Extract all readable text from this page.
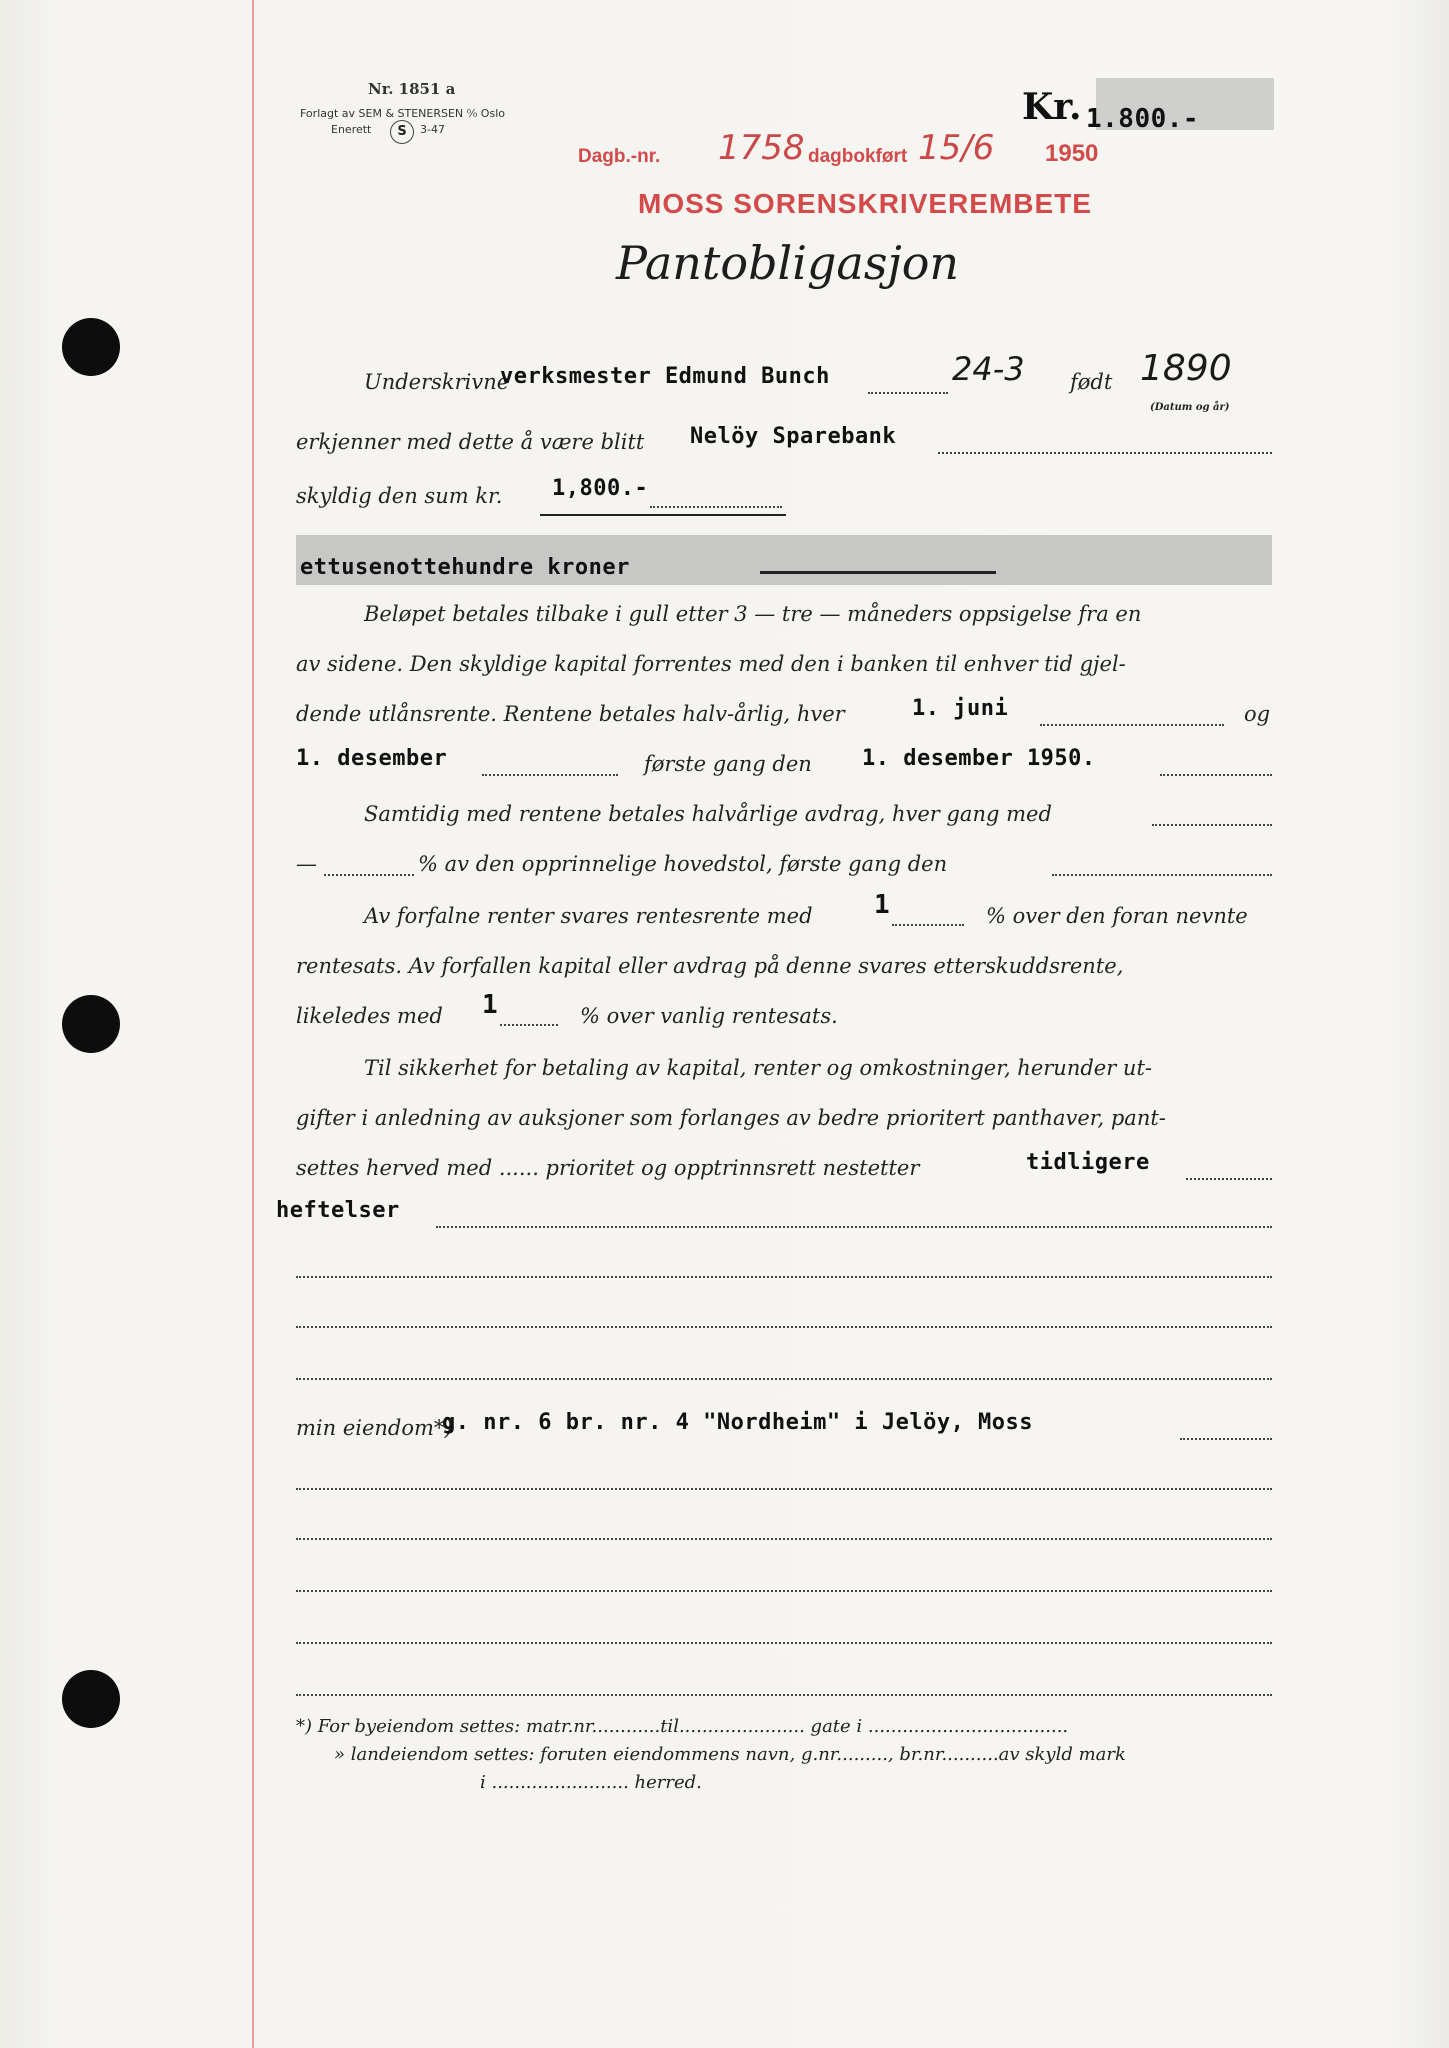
Nr. 1851 a
Forlagt av SEM & STENERSEN ⁰⁄₀ Oslo
Enerett	S	3-47
Kr. 1.800.-
Dagb.-nr. 1758 dagbokført 15/6 1950
MOSS SORENSKRIVEREMBETE
Pantobligasjon
Underskrivne
verksmester Edmund Bunch	24-3 født 1890
(Datum og år)
erkjenner med dette å være blitt Nelöy Sparebank
skyldig den sum kr. 1,800.-
ettusenottehundre kroner
Beløpet betales tilbake i gull etter 3 — tre — måneders oppsigelse fra en
av sidene. Den skyldige kapital forrentes med den i banken til enhver tid gjel-
dende utlånsrente. Rentene betales halv-årlig, hver	1. juni	og
1. desember	første gang den 1. desember 1950.
Samtidig med rentene betales halvårlige avdrag, hver gang med
—	% av den opprinnelige hovedstol, første gang den
Av forfalne renter svares rentesrente med 1	% over den foran nevnte
rentesats. Av forfallen kapital eller avdrag på denne svares etterskuddsrente,
likeledes med 1	% over vanlig rentesats.
Til sikkerhet for betaling av kapital, renter og omkostninger, herunder ut-
gifter i anledning av auksjoner som forlanges av bedre prioritert panthaver, pant-
settes herved med ...... prioritet og opptrinnsrett nestetter	tidligere
heftelser
min eiendom*)
g. nr. 6 br. nr. 4 "Nordheim" i Jelöy, Moss
*) For byeiendom settes: matr.nr............til...................... gate i ...................................
» landeiendom settes: foruten eiendommens navn, g.nr........., br.nr..........av skyld mark
i ........................ herred.
